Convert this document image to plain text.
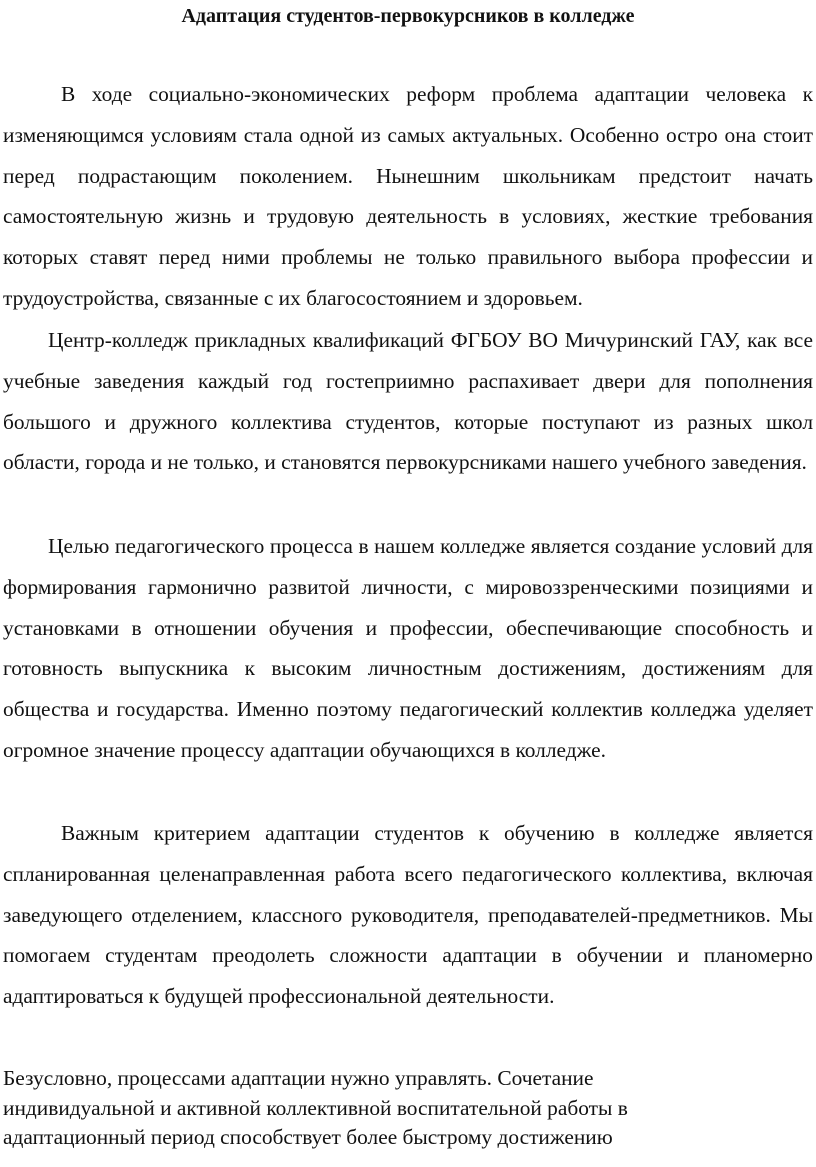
Адаптация студентов-первокурсников в колледже

В ходе социально-экономических реформ проблема адаптации человека к изменяющимся условиям стала одной из самых актуальных. Особенно остро она стоит перед подрастающим поколением. Нынешним школьникам предстоит начать самостоятельную жизнь и трудовую деятельность в условиях, жесткие требования которых ставят перед ними проблемы не только правильного выбора профессии и трудоустройства, связанные с их благосостоянием и здоровьем.

Центр-колледж прикладных квалификаций ФГБОУ ВО Мичуринский ГАУ, как все учебные заведения каждый год гостеприимно распахивает двери для пополнения большого и дружного коллектива студентов, которые поступают из разных школ области, города и не только, и становятся первокурсниками нашего учебного заведения.

Целью педагогического процесса в нашем колледже является создание условий для формирования гармонично развитой личности, с мировоззренческими позициями и установками в отношении обучения и профессии, обеспечивающие способность и готовность выпускника к высоким личностным достижениям, достижениям для общества и государства. Именно поэтому педагогический коллектив колледжа уделяет огромное значение процессу адаптации обучающихся в колледже.

Важным критерием адаптации студентов к обучению в колледже является спланированная целенаправленная работа всего педагогического коллектива, включая заведующего отделением, классного руководителя, преподавателей-предметников. Мы помогаем студентам преодолеть сложности адаптации в обучении и планомерно адаптироваться к будущей профессиональной деятельности.

Безусловно, процессами адаптации нужно управлять. Сочетание
индивидуальной и активной коллективной воспитательной работы в
адаптационный период способствует более быстрому достижению
